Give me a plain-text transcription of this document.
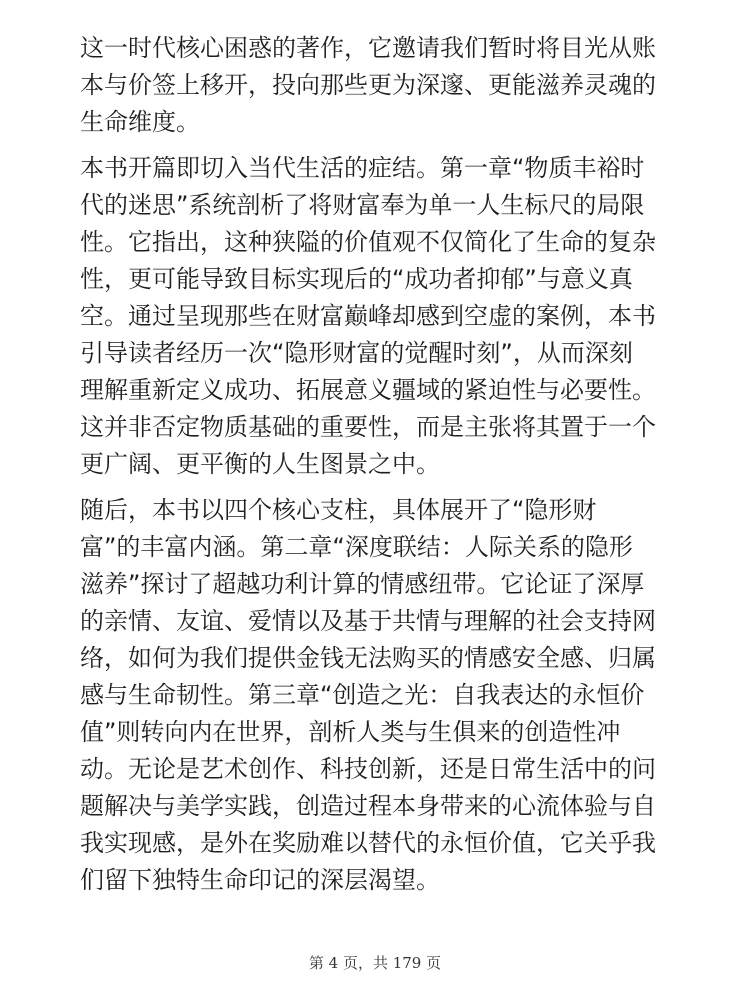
这一时代核心困惑的著作，它邀请我们暂时将目光从账
本与价签上移开，投向那些更为深邃、更能滋养灵魂的
生命维度。

本书开篇即切入当代生活的症结。第一章“物质丰裕时
代的迷思”系统剖析了将财富奉为单一人生标尺的局限
性。它指出，这种狭隘的价值观不仅简化了生命的复杂
性，更可能导致目标实现后的“成功者抑郁”与意义真
空。通过呈现那些在财富巅峰却感到空虚的案例，本书
引导读者经历一次“隐形财富的觉醒时刻”，从而深刻
理解重新定义成功、拓展意义疆域的紧迫性与必要性。
这并非否定物质基础的重要性，而是主张将其置于一个
更广阔、更平衡的人生图景之中。

随后，本书以四个核心支柱，具体展开了“隐形财
富”的丰富内涵。第二章“深度联结：人际关系的隐形
滋养”探讨了超越功利计算的情感纽带。它论证了深厚
的亲情、友谊、爱情以及基于共情与理解的社会支持网
络，如何为我们提供金钱无法购买的情感安全感、归属
感与生命韧性。第三章“创造之光：自我表达的永恒价
值”则转向内在世界，剖析人类与生俱来的创造性冲
动。无论是艺术创作、科技创新，还是日常生活中的问
题解决与美学实践，创造过程本身带来的心流体验与自
我实现感，是外在奖励难以替代的永恒价值，它关乎我
们留下独特生命印记的深层渴望。

第 4 页，共 179 页
